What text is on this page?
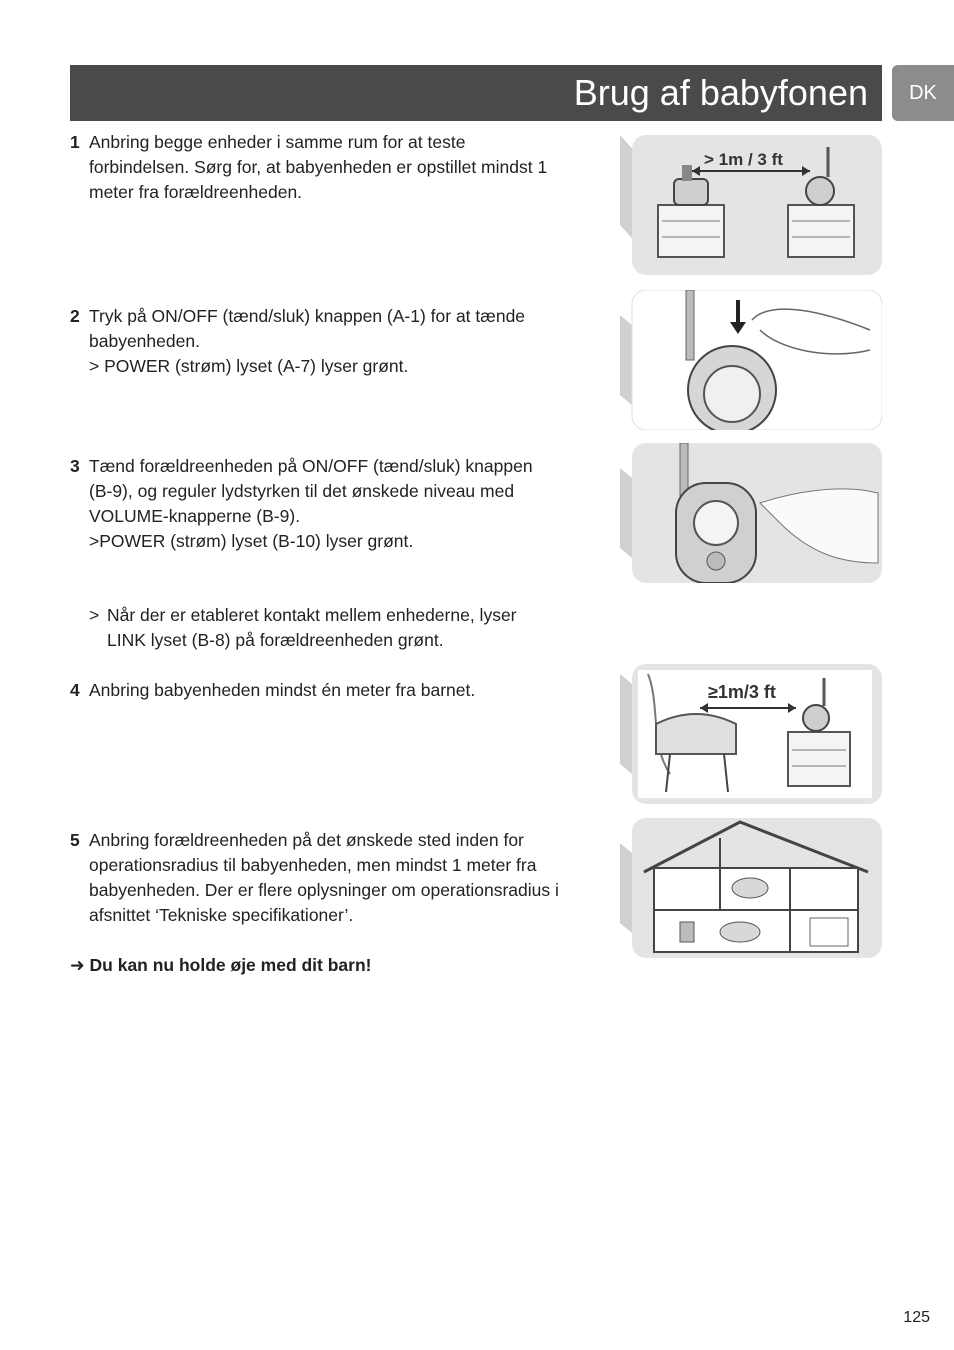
Brug af babyfonen	DK
1 Anbring begge enheder i samme rum for at teste
forbindelsen. Sørg for, at babyenheden er opstillet mindst 1
meter fra forældreenheden.
2 Tryk på ON/OFF (tænd/sluk) knappen (A-1) for at tænde
babyenheden.
> POWER (strøm) lyset (A-7) lyser grønt.
3 Tænd forældreenheden på ON/OFF (tænd/sluk) knappen
(B-9), og reguler lydstyrken til det ønskede niveau med
VOLUME-knapperne (B-9).
>POWER (strøm) lyset (B-10) lyser grønt.
> Når der er etableret kontakt mellem enhederne, lyser
LINK lyset (B-8) på forældreenheden grønt.
4 Anbring babyenheden mindst én meter fra barnet.
5 Anbring forældreenheden på det ønskede sted inden for
operationsradius til babyenheden, men mindst 1 meter fra
babyenheden. Der er flere oplysninger om operationsradius i
afsnittet ‘Tekniske specifikationer’.
➜ Du kan nu holde øje med dit barn!
> 1m / 3 ft
≥1m/3 ft
125
